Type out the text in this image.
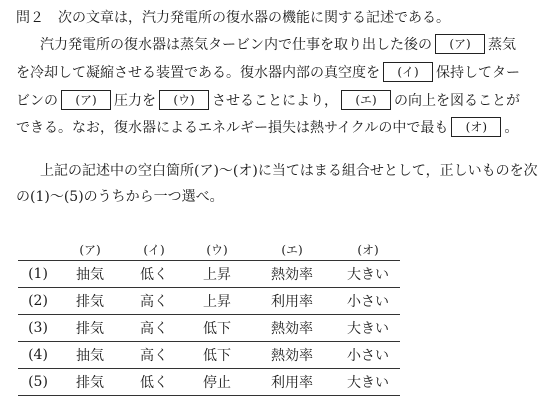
問２ 次の文章は，汽力発電所の復水器の機能に関する記述である。
汽力発電所の復水器は蒸気タービン内で仕事を取り出した後の (ア) 蒸気
を冷却して凝縮させる装置である。復水器内部の真空度を (イ) 保持してター
ビンの (ア) 圧力を (ウ) させることにより， (エ) の向上を図ることが
できる。なお，復水器によるエネルギー損失は熱サイクルの中で最も (オ) 。
上記の記述中の空白箇所(ア)～(オ)に当てはまる組合せとして，正しいものを次
の(1)～(5)のうちから一つ選べ。
	(ア)	(イ)	(ウ)	(エ)	(オ)
(1)	抽気	低く	上昇	熱効率	大きい
(2)	排気	高く	上昇	利用率	小さい
(3)	排気	高く	低下	熱効率	大きい
(4)	抽気	高く	低下	熱効率	小さい
(5)	排気	低く	停止	利用率	大きい
